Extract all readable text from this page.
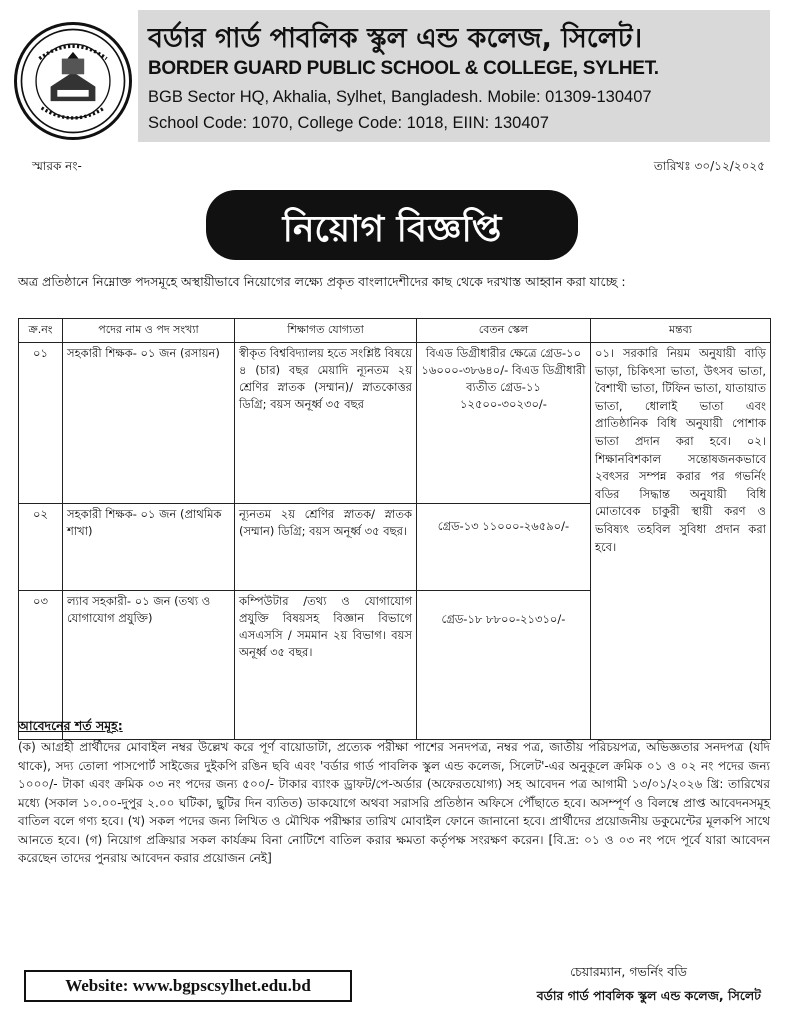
বর্ডার গার্ড পাবলিক স্কুল এন্ড কলেজ, সিলেট।
BORDER GUARD PUBLIC SCHOOL & COLLEGE, SYLHET.
BGB Sector HQ, Akhalia, Sylhet, Bangladesh. Mobile: 01309-130407
School Code: 1070, College Code: 1018, EIIN: 130407
স্মারক নং-	তারিখঃ ৩০/১২/২০২৫
নিয়োগ বিজ্ঞপ্তি
অত্র প্রতিষ্ঠানে নিম্নোক্ত পদসমূহে অস্থায়ীভাবে নিয়োগের লক্ষ্যে প্রকৃত বাংলাদেশীদের কাছ থেকে দরখাস্ত আহ্বান করা যাচ্ছে :
ক্র.নং	পদের নাম ও পদ সংখ্যা	শিক্ষাগত যোগ্যতা	বেতন স্কেল	মন্তব্য
০১	সহকারী শিক্ষক- ০১ জন (রসায়ন)	স্বীকৃত বিশ্ববিদ্যালয় হতে সংশ্লিষ্ট বিষয়ে ৪ (চার) বছর মেয়াদি ন্যূনতম ২য় শ্রেণির স্নাতক (সম্মান)/ স্নাতকোত্তর ডিগ্রি; বয়স অনূর্ধ্ব ৩৫ বছর	বিএড ডিগ্রীধারীর ক্ষেত্রে গ্রেড-১০ ১৬০০০-৩৮৬৪০/- বিএড ডিগ্রীধারী ব্যতীত গ্রেড-১১ ১২৫০০-৩০২৩০/-	০১। সরকারি নিয়ম অনুযায়ী বাড়ি ভাড়া, চিকিৎসা ভাতা, উৎসব ভাতা, বৈশাখী ভাতা, টিফিন ভাতা, যাতায়াত ভাতা, ধোলাই ভাতা এবং প্রাতিষ্ঠানিক বিধি অনুযায়ী পোশাক ভাতা প্রদান করা হবে। ০২। শিক্ষানবিশকাল সন্তোষজনকভাবে ২বৎসর সম্পন্ন করার পর গভর্নিং বডির সিদ্ধান্ত অনুযায়ী বিধি মোতাবেক চাকুরী স্থায়ী করণ ও ভবিষ্যৎ তহবিল সুবিধা প্রদান করা হবে।
০২	সহকারী শিক্ষক- ০১ জন (প্রাথমিক শাখা)	ন্যূনতম ২য় শ্রেণির স্নাতক/ স্নাতক (সম্মান) ডিগ্রি; বয়স অনূর্ধ্ব ৩৫ বছর।	গ্রেড-১৩ ১১০০০-২৬৫৯০/-	
০৩	ল্যাব সহকারী- ০১ জন (তথ্য ও যোগাযোগ প্রযুক্তি)	কম্পিউটার /তথ্য ও যোগাযোগ প্রযুক্তি বিষয়সহ বিজ্ঞান বিভাগে এসএসসি / সমমান ২য় বিভাগ। বয়স অনূর্ধ্ব ৩৫ বছর।	গ্রেড-১৮ ৮৮০০-২১৩১০/-	
আবেদনের শর্ত সমূহ:
(ক) আগ্রহী প্রার্থীদের মোবাইল নম্বর উল্লেখ করে পূর্ণ বায়োডাটা, প্রত্যেক পরীক্ষা পাশের সনদপত্র, নম্বর পত্র, জাতীয় পরিচয়পত্র, অভিজ্ঞতার সনদপত্র (যদি থাকে), সদ্য তোলা পাসপোর্ট সাইজের দুইকপি রঙিন ছবি এবং 'বর্ডার গার্ড পাবলিক স্কুল এন্ড কলেজ, সিলেট'-এর অনুকূলে ক্রমিক ০১ ও ০২ নং পদের জন্য ১০০০/- টাকা এবং ক্রমিক ০৩ নং পদের জন্য ৫০০/- টাকার ব্যাংক ড্রাফট/পে-অর্ডার (অফেরতযোগ্য) সহ আবেদন পত্র আগামী ১৩/০১/২০২৬ খ্রি: তারিখের মধ্যে (সকাল ১০.০০-দুপুর ২.০০ ঘটিকা, ছুটির দিন ব্যতিত) ডাকযোগে অথবা সরাসরি প্রতিষ্ঠান অফিসে পৌঁছাতে হবে। অসম্পূর্ণ ও বিলম্বে প্রাপ্ত আবেদনসমূহ বাতিল বলে গণ্য হবে। (খ) সকল পদের জন্য লিখিত ও মৌখিক পরীক্ষার তারিখ মোবাইল ফোনে জানানো হবে। প্রার্থীদের প্রয়োজনীয় ডকুমেন্টের মূলকপি সাথে আনতে হবে। (গ) নিয়োগ প্রক্রিয়ার সকল কার্যক্রম বিনা নোটিশে বাতিল করার ক্ষমতা কর্তৃপক্ষ সংরক্ষণ করেন। [বি.দ্র: ০১ ও ০৩ নং পদে পূর্বে যারা আবেদন করেছেন তাদের পুনরায় আবেদন করার প্রয়োজন নেই]
Website: www.bgpscsylhet.edu.bd
চেয়ারম্যান, গভর্নিং বডি
বর্ডার গার্ড পাবলিক স্কুল এন্ড কলেজ, সিলেট
